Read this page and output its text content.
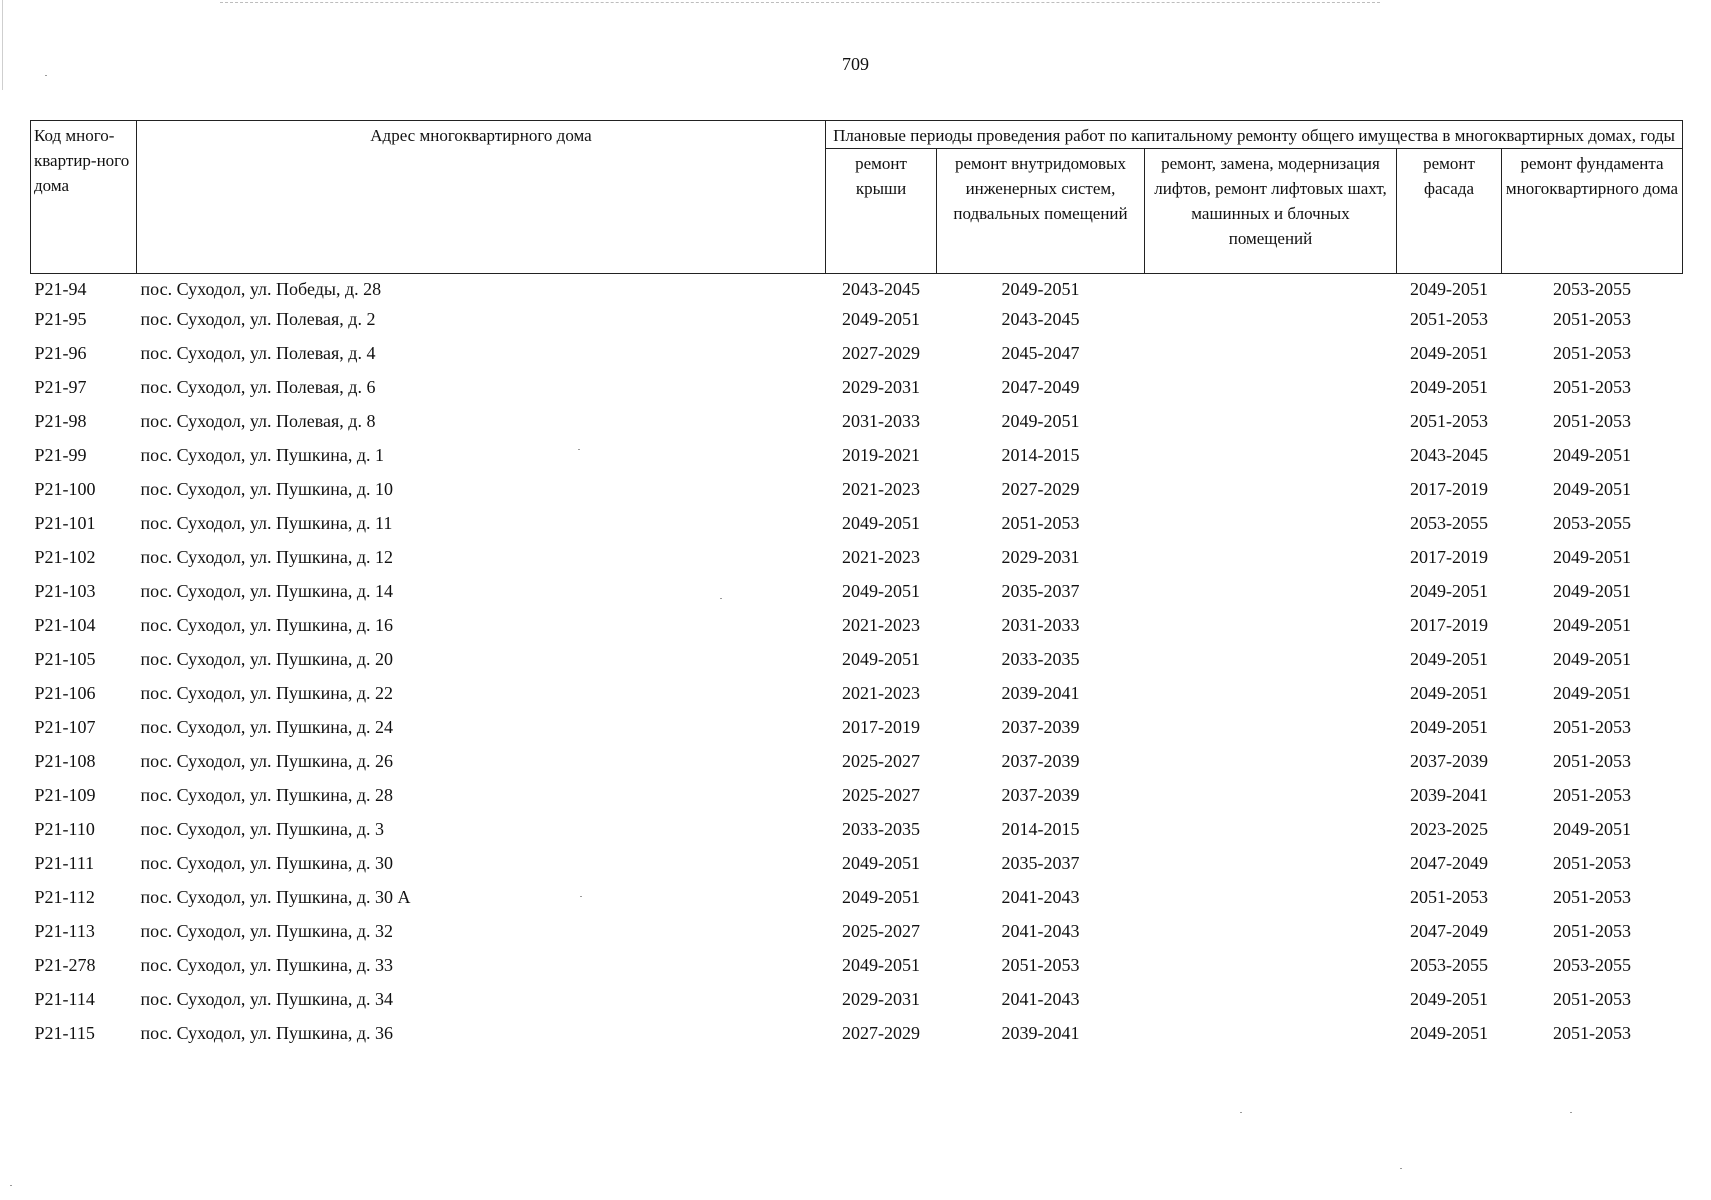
709
Код много-квартир-ного дома	Адрес многоквартирного дома	Плановые периоды проведения работ по капитальному ремонту общего имущества в многоквартирных домах, годы				
		ремонт крыши	ремонт внутридомовых инженерных систем, подвальных помещений	ремонт, замена, модернизация лифтов, ремонт лифтовых шахт, машинных и блочных помещений	ремонт фасада	ремонт фундамента многоквартирного дома
P21-94	пос. Суходол, ул. Победы, д. 28	2043-2045	2049-2051		2049-2051	2053-2055
P21-95	пос. Суходол, ул. Полевая, д. 2	2049-2051	2043-2045		2051-2053	2051-2053
P21-96	пос. Суходол, ул. Полевая, д. 4	2027-2029	2045-2047		2049-2051	2051-2053
P21-97	пос. Суходол, ул. Полевая, д. 6	2029-2031	2047-2049		2049-2051	2051-2053
P21-98	пос. Суходол, ул. Полевая, д. 8	2031-2033	2049-2051		2051-2053	2051-2053
P21-99	пос. Суходол, ул. Пушкина, д. 1	2019-2021	2014-2015		2043-2045	2049-2051
P21-100	пос. Суходол, ул. Пушкина, д. 10	2021-2023	2027-2029		2017-2019	2049-2051
P21-101	пос. Суходол, ул. Пушкина, д. 11	2049-2051	2051-2053		2053-2055	2053-2055
P21-102	пос. Суходол, ул. Пушкина, д. 12	2021-2023	2029-2031		2017-2019	2049-2051
P21-103	пос. Суходол, ул. Пушкина, д. 14	2049-2051	2035-2037		2049-2051	2049-2051
P21-104	пос. Суходол, ул. Пушкина, д. 16	2021-2023	2031-2033		2017-2019	2049-2051
P21-105	пос. Суходол, ул. Пушкина, д. 20	2049-2051	2033-2035		2049-2051	2049-2051
P21-106	пос. Суходол, ул. Пушкина, д. 22	2021-2023	2039-2041		2049-2051	2049-2051
P21-107	пос. Суходол, ул. Пушкина, д. 24	2017-2019	2037-2039		2049-2051	2051-2053
P21-108	пос. Суходол, ул. Пушкина, д. 26	2025-2027	2037-2039		2037-2039	2051-2053
P21-109	пос. Суходол, ул. Пушкина, д. 28	2025-2027	2037-2039		2039-2041	2051-2053
P21-110	пос. Суходол, ул. Пушкина, д. 3	2033-2035	2014-2015		2023-2025	2049-2051
P21-111	пос. Суходол, ул. Пушкина, д. 30	2049-2051	2035-2037		2047-2049	2051-2053
P21-112	пос. Суходол, ул. Пушкина, д. 30 А	2049-2051	2041-2043		2051-2053	2051-2053
P21-113	пос. Суходол, ул. Пушкина, д. 32	2025-2027	2041-2043		2047-2049	2051-2053
P21-278	пос. Суходол, ул. Пушкина, д. 33	2049-2051	2051-2053		2053-2055	2053-2055
P21-114	пос. Суходол, ул. Пушкина, д. 34	2029-2031	2041-2043		2049-2051	2051-2053
P21-115	пос. Суходол, ул. Пушкина, д. 36	2027-2029	2039-2041		2049-2051	2051-2053
